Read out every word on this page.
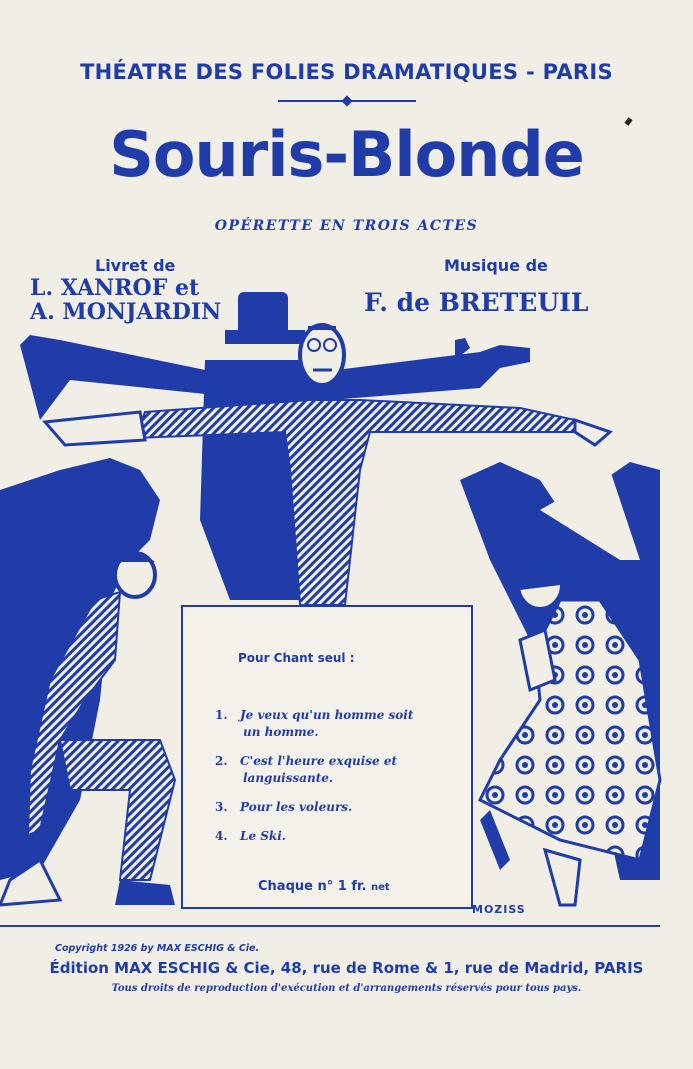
THÉATRE DES FOLIES DRAMATIQUES - PARIS
Souris-Blonde
OPÉRETTE EN TROIS ACTES
Livret de
L. XANROF et
A. MONJARDIN
Musique de
F. de BRETEUIL
Pour Chant seul :
1. Je veux qu'un homme soit
un homme.
2. C'est l'heure exquise et
languissante.
3. Pour les voleurs.
4. Le Ski.
Chaque n° 1 fr. net
MOZISS
Copyright 1926 by MAX ESCHIG & Cie.
Édition MAX ESCHIG & Cie, 48, rue de Rome & 1, rue de Madrid, PARIS
Tous droits de reproduction d'exécution et d'arrangements réservés pour tous pays.
